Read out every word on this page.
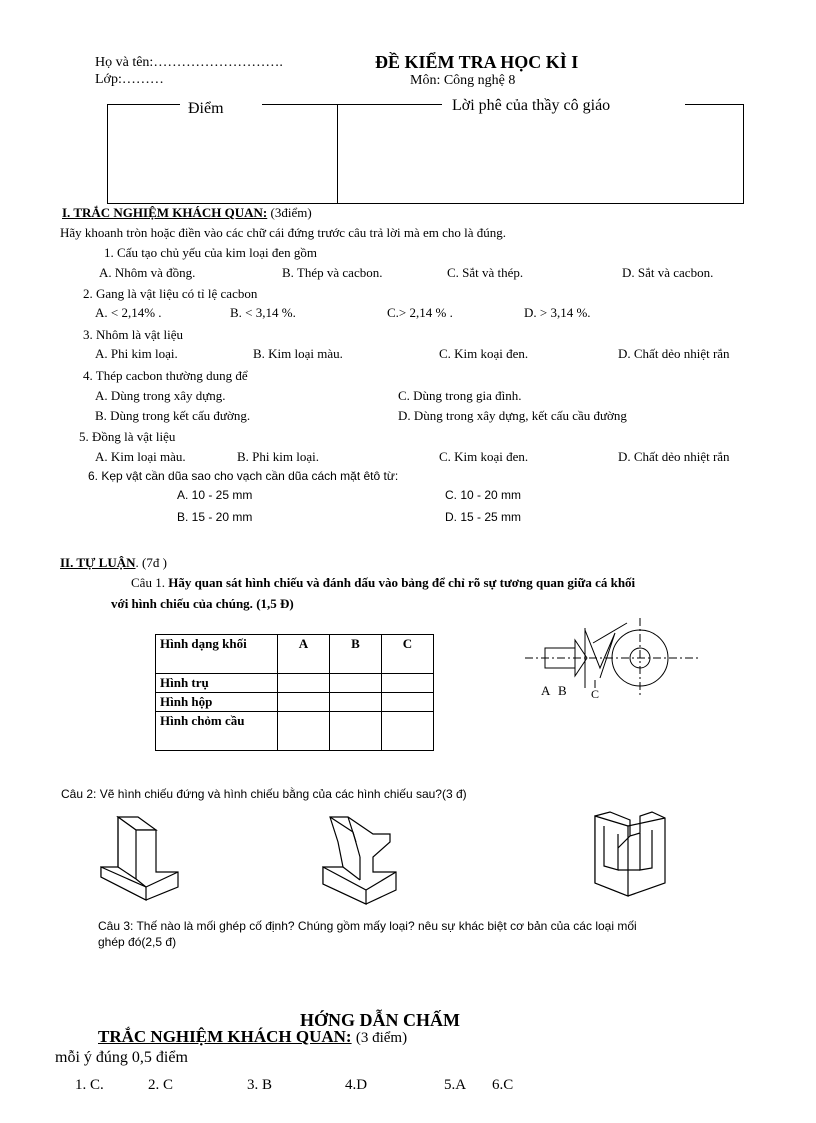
Họ và tên:……………………….
Lớp:………
ĐỀ KIỂM TRA HỌC KÌ I
Môn: Công nghệ 8
Điểm	Lời phê của thầy cô giáo
I. TRẮC NGHIỆM KHÁCH QUAN: (3điểm)
Hãy khoanh tròn hoặc điền vào các chữ cái đứng trước câu trả lời mà em cho là đúng.
1. Cấu tạo chủ yếu của kim loại đen gồm
A. Nhôm và đồng.	B. Thép và cacbon.	C. Sắt và thép.	D. Sắt và cacbon.
2. Gang là vật liệu có tỉ lệ cacbon
A. < 2,14% .	B. < 3,14 %.	C.> 2,14 % .	D. > 3,14 %.
3. Nhôm là vật liệu
A. Phi kim loại.	B. Kim loại màu.	C. Kim koại đen.	D. Chất dẻo nhiệt rắn
4. Thép cacbon thường dung để
A. Dùng trong xây dựng.	C. Dùng trong gia đình.
B. Dùng trong kết cấu đường.	D. Dùng trong xây dựng, kết cấu cầu đường
5. Đồng là vật liệu
A. Kim loại màu.	B. Phi kim loại.	C. Kim koại đen.	D. Chất dẻo nhiệt rắn
6. Kẹp vật cần dũa sao cho vạch cần dũa cách mặt êtô từ:
A. 10 - 25 mm	C. 10 - 20 mm
B. 15 - 20 mm	D. 15 - 25 mm
II. TỰ LUẬN. (7đ )
Câu 1. Hãy quan sát hình chiếu và đánh dấu vào bảng để chỉ rõ sự tương quan giữa cá khối
với hình chiếu của chúng. (1,5 Đ)
Hình dạng khối	A	B	C
Hình trụ			
Hình hộp			
Hình chỏm cầu			
A B C
Câu 2: Vẽ hình chiếu đứng và hình chiếu bằng của các hình chiếu sau?(3 đ)
Câu 3: Thế nào là mối ghép cố định? Chúng gồm mấy loại? nêu sự khác biệt cơ bản của các loại mối
ghép đó(2,5 đ)
HỚNG DẪN CHẤM
TRẮC NGHIỆM KHÁCH QUAN: (3 điểm)
mỗi ý đúng 0,5 điểm
1. C.	2. C	3. B	4.D	5.A 6.C
